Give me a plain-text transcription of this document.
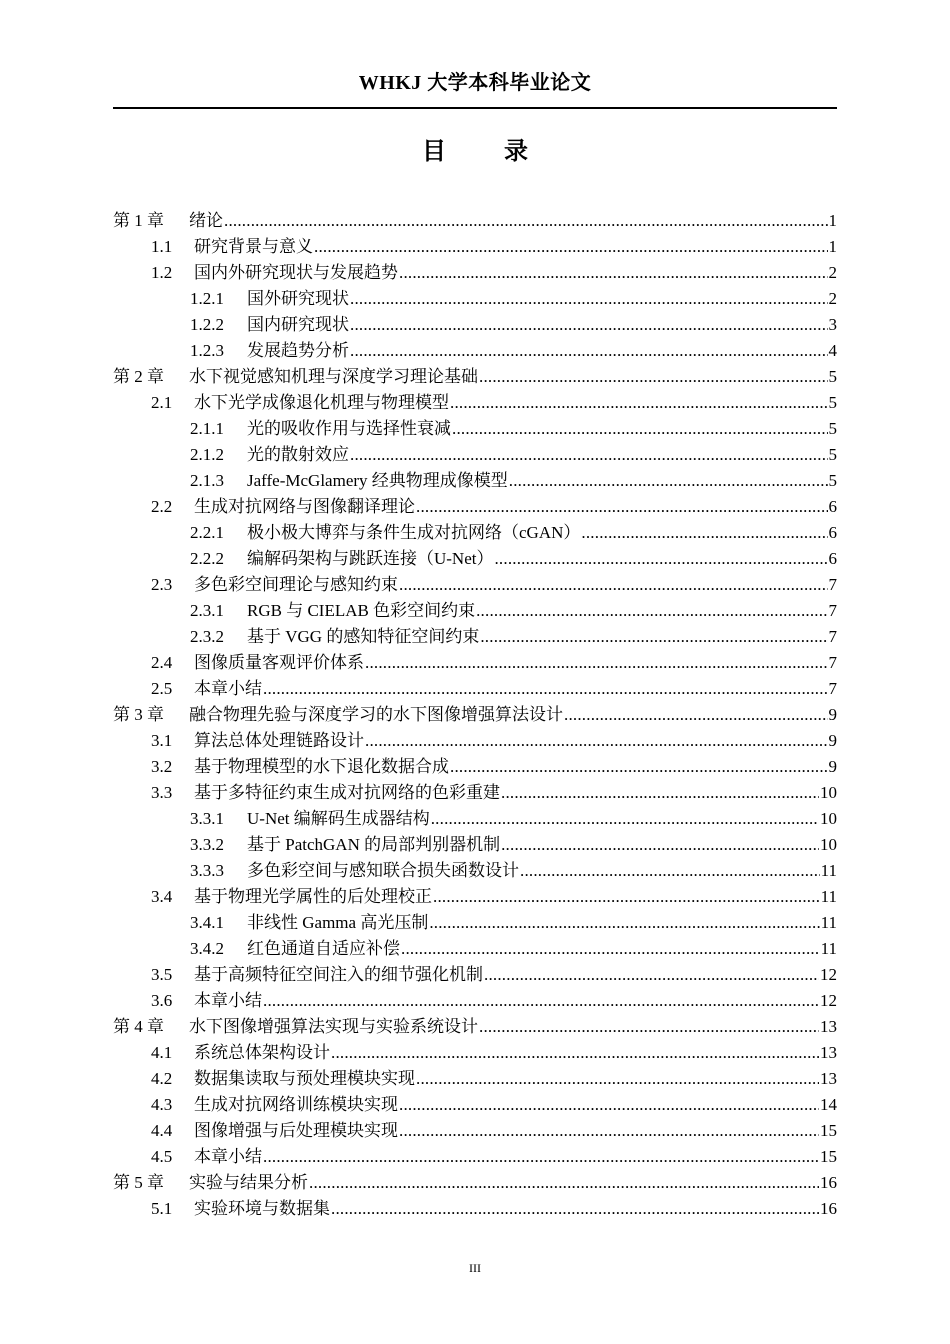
WHKJ 大学本科毕业论文
目 录
第 1 章	绪论 .....	1
1.1	研究背景与意义 .....	1
1.2	国内外研究现状与发展趋势 .....	2
1.2.1	国外研究现状 .....	2
1.2.2	国内研究现状 .....	3
1.2.3	发展趋势分析 .....	4
第 2 章	水下视觉感知机理与深度学习理论基础 .....	5
2.1	水下光学成像退化机理与物理模型 .....	5
2.1.1	光的吸收作用与选择性衰减 .....	5
2.1.2	光的散射效应 .....	5
2.1.3	Jaffe-McGlamery 经典物理成像模型 .....	5
2.2	生成对抗网络与图像翻译理论 .....	6
2.2.1	极小极大博弈与条件生成对抗网络（cGAN） .....	6
2.2.2	编解码架构与跳跃连接（U-Net） .....	6
2.3	多色彩空间理论与感知约束 .....	7
2.3.1	RGB 与 CIELAB 色彩空间约束 .....	7
2.3.2	基于 VGG 的感知特征空间约束 .....	7
2.4	图像质量客观评价体系 .....	7
2.5	本章小结 .....	7
第 3 章	融合物理先验与深度学习的水下图像增强算法设计 .....	9
3.1	算法总体处理链路设计 .....	9
3.2	基于物理模型的水下退化数据合成 .....	9
3.3	基于多特征约束生成对抗网络的色彩重建 .....	10
3.3.1	U-Net 编解码生成器结构 .....	10
3.3.2	基于 PatchGAN 的局部判别器机制 .....	10
3.3.3	多色彩空间与感知联合损失函数设计 .....	11
3.4	基于物理光学属性的后处理校正 .....	11
3.4.1	非线性 Gamma 高光压制 .....	11
3.4.2	红色通道自适应补偿 .....	11
3.5	基于高频特征空间注入的细节强化机制 .....	12
3.6	本章小结 .....	12
第 4 章	水下图像增强算法实现与实验系统设计 .....	13
4.1	系统总体架构设计 .....	13
4.2	数据集读取与预处理模块实现 .....	13
4.3	生成对抗网络训练模块实现 .....	14
4.4	图像增强与后处理模块实现 .....	15
4.5	本章小结 .....	15
第 5 章	实验与结果分析 .....	16
5.1	实验环境与数据集 .....	16
III
